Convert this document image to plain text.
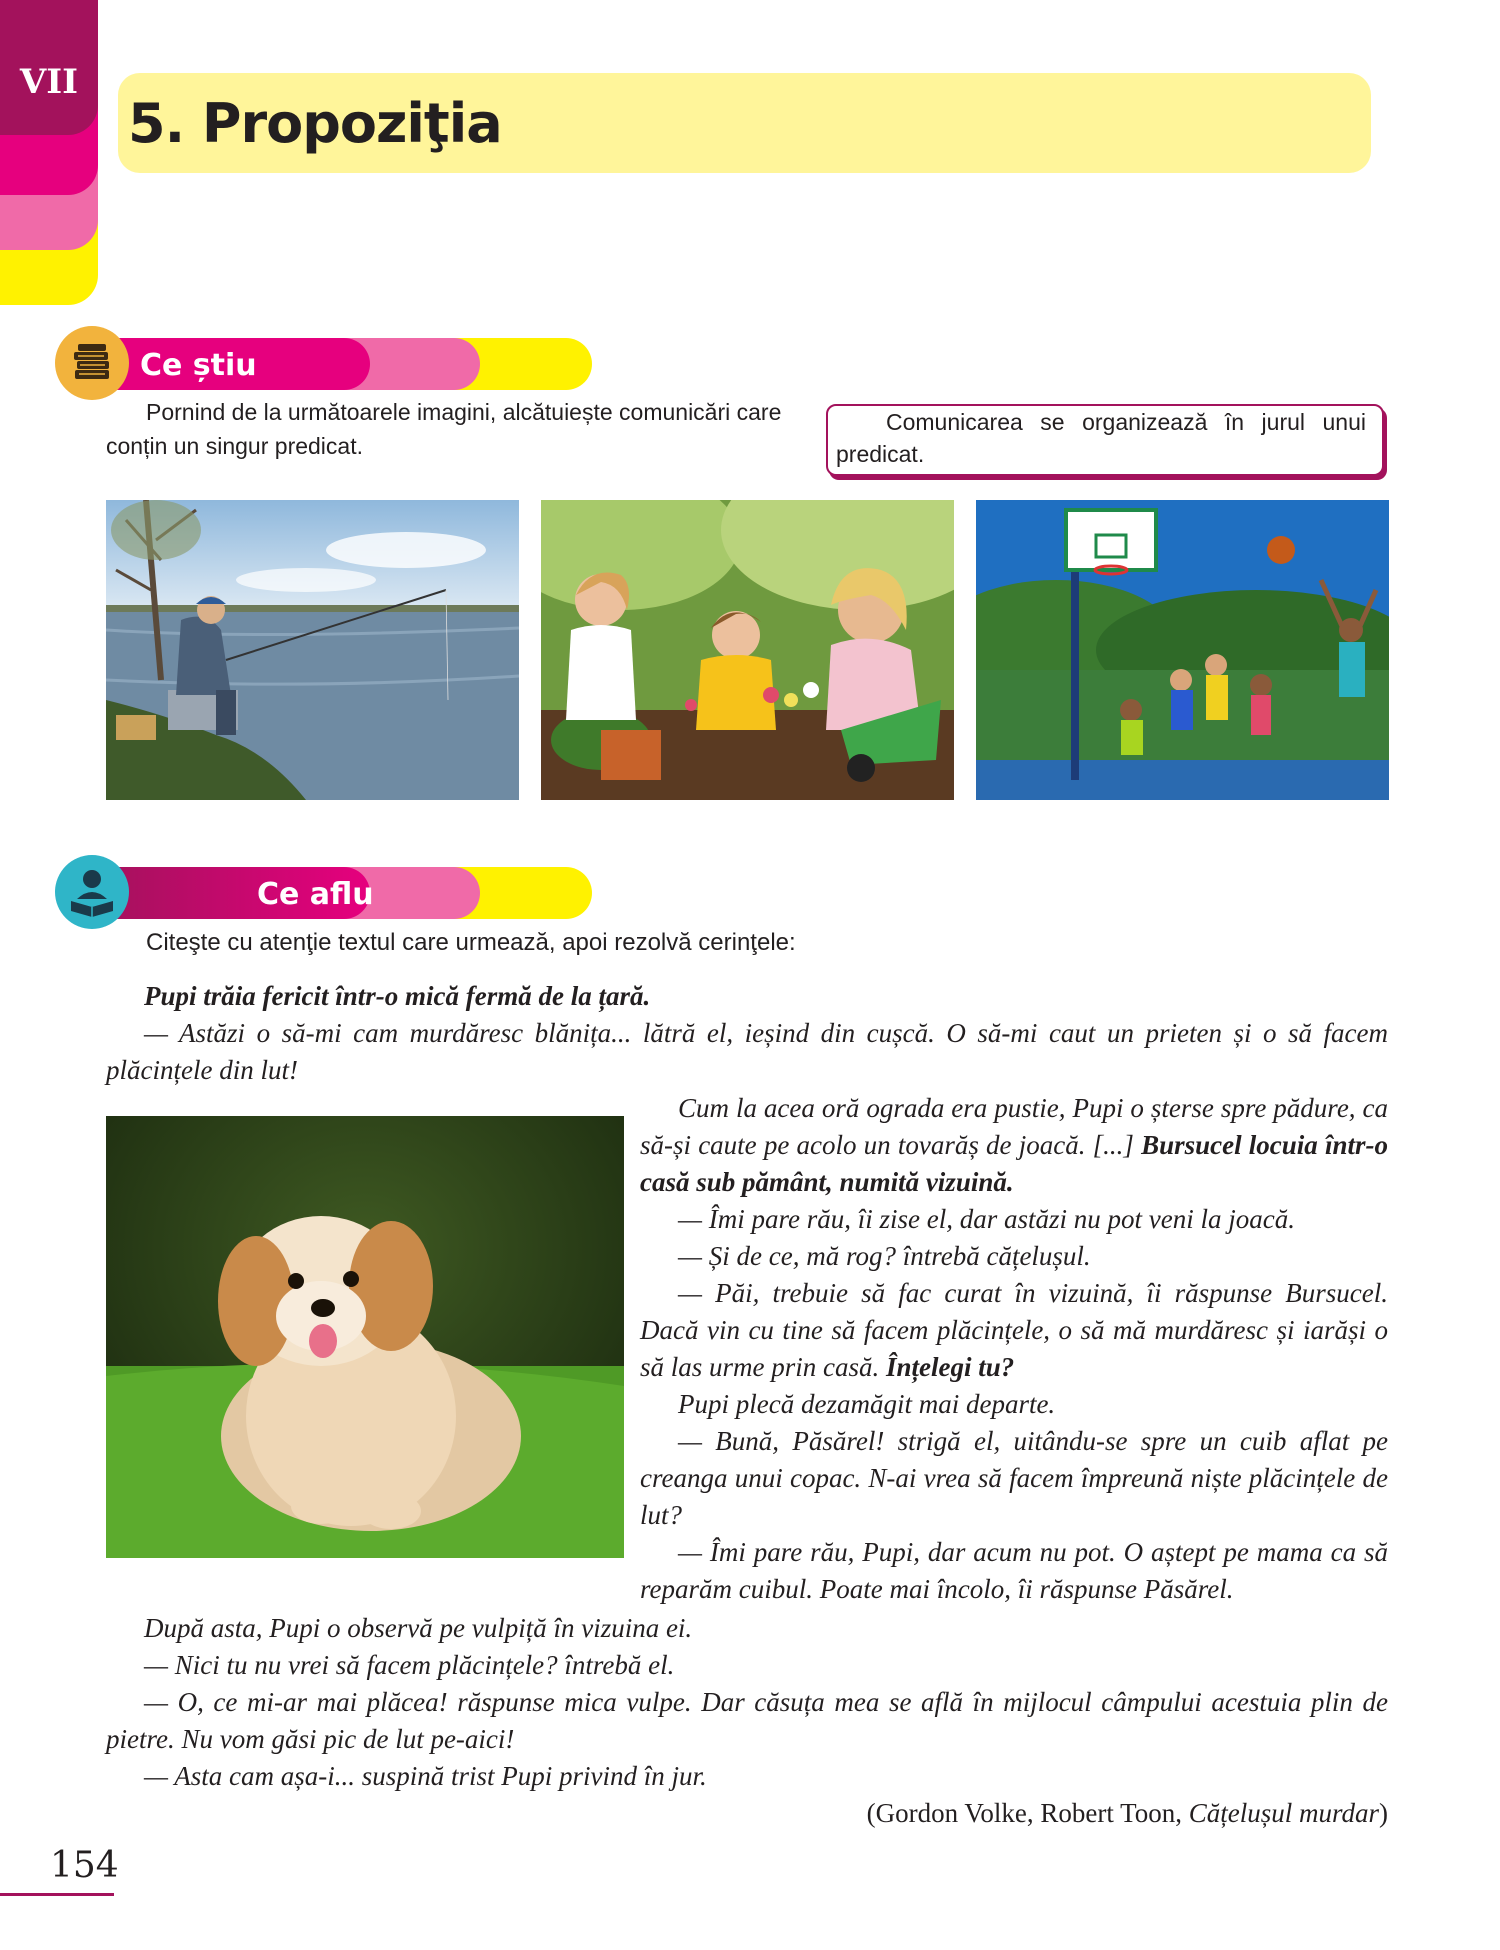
VII
5. Propoziţia
Ce știu
Pornind de la următoarele imagini, alcătuiește comunicări care conțin un singur predicat.
Comunicarea se organizează în jurul unui predicat.
Ce aflu
Citeşte cu atenţie textul care urmează, apoi rezolvă cerinţele:

Pupi trăia fericit într-o mică fermă de la țară.

— Astăzi o să-mi cam murdăresc blănița... lătră el, ieșind din cușcă. O să-mi caut un prieten și o să facem plăcințele din lut!

Cum la acea oră ograda era pustie, Pupi o șterse spre pădure, ca să-și caute pe acolo un tovarăș de joacă. [...] Bursucel locuia într-o casă sub pământ, numită vizuină.

— Îmi pare rău, îi zise el, dar astăzi nu pot veni la joacă.

— Și de ce, mă rog? întrebă cățelușul.

— Păi, trebuie să fac curat în vizuină, îi răspunse Bursucel. Dacă vin cu tine să facem plăcințele, o să mă murdăresc și iarăși o să las urme prin casă. Înțelegi tu?

Pupi plecă dezamăgit mai departe.

— Bună, Păsărel! strigă el, uitându-se spre un cuib aflat pe creanga unui copac. N-ai vrea să facem împreună niște plăcințele de lut?

— Îmi pare rău, Pupi, dar acum nu pot. O aștept pe mama ca să reparăm cuibul. Poate mai încolo, îi răspunse Păsărel.

După asta, Pupi o observă pe vulpiță în vizuina ei.

— Nici tu nu vrei să facem plăcințele? întrebă el.

— O, ce mi-ar mai plăcea! răspunse mica vulpe. Dar căsuța mea se află în mijlocul câmpului acestuia plin de pietre. Nu vom găsi pic de lut pe-aici!

— Asta cam așa-i... suspină trist Pupi privind în jur.

(Gordon Volke, Robert Toon, Cățelușul murdar)

154
